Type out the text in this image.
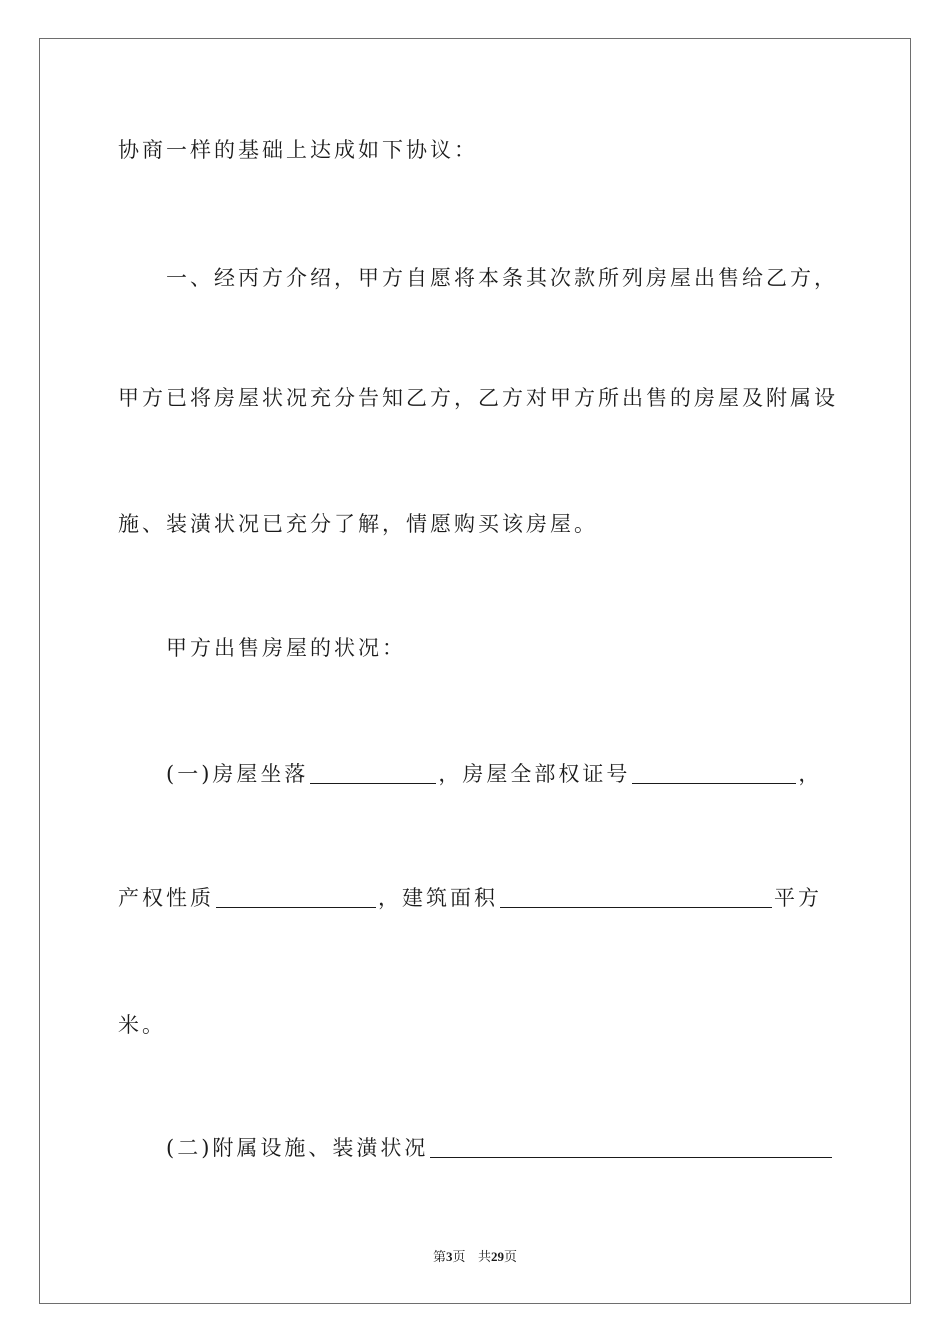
协商一样的基础上达成如下协议：
一、经丙方介绍，甲方自愿将本条其次款所列房屋出售给乙方，
甲方已将房屋状况充分告知乙方，乙方对甲方所出售的房屋及附属设
施、装潢状况已充分了解，情愿购买该房屋。
甲方出售房屋的状况：
(一)房屋坐落	，房屋全部权证号	，
产权性质	，建筑面积	平方
米。
(二)附属设施、装潢状况
第3页 共29页
